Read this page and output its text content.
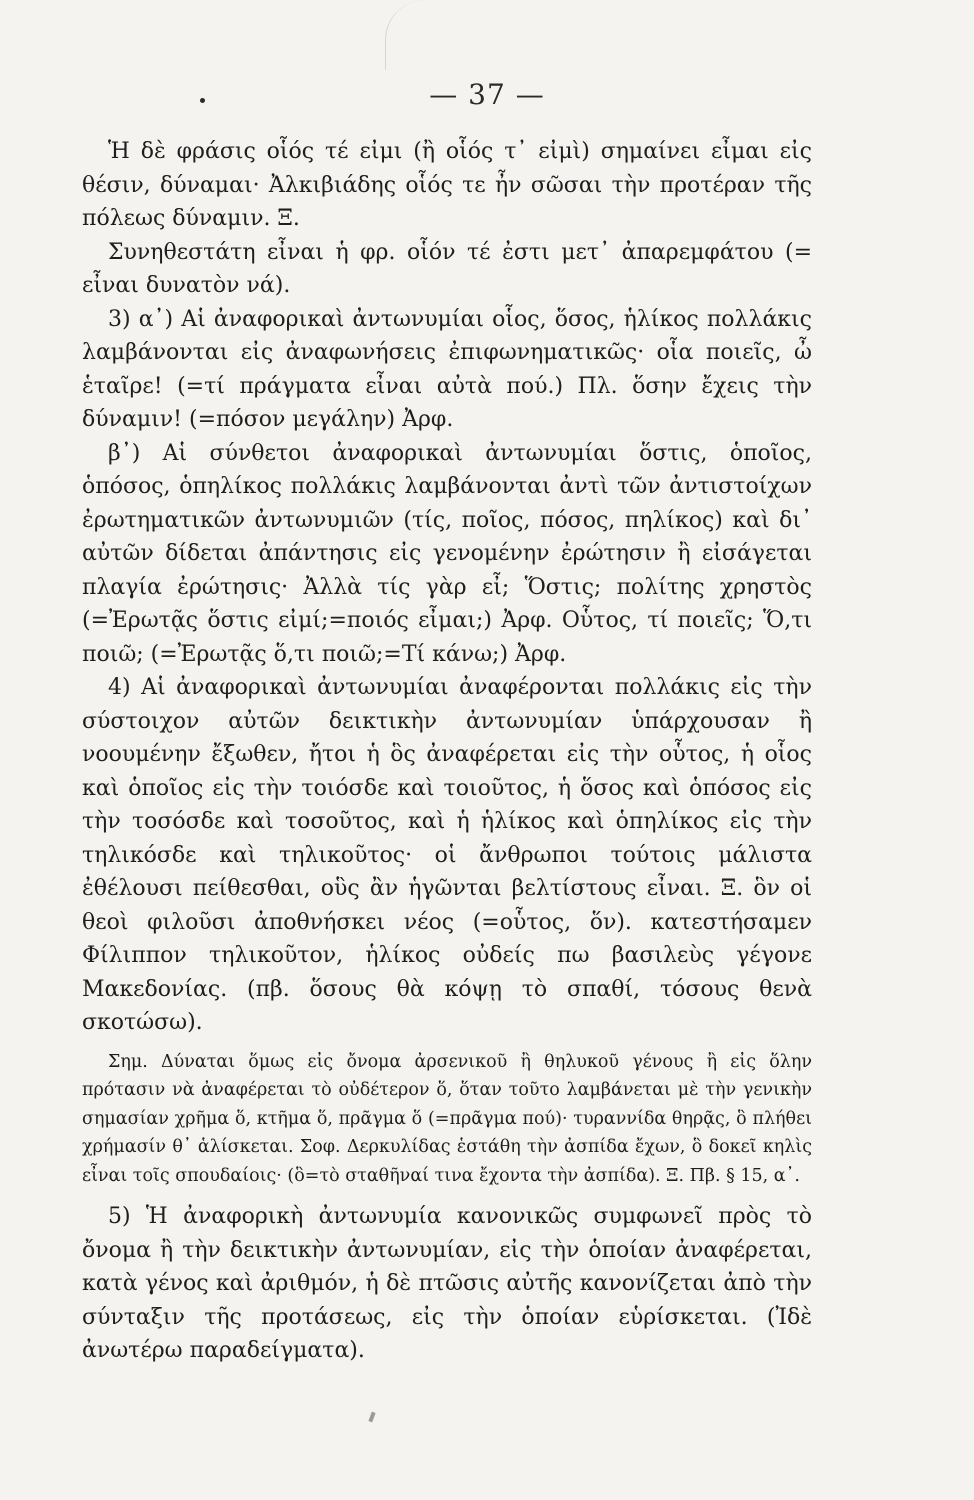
— 37 —

Ἡ δὲ φράσις οἷός τέ εἰμι (ἢ οἷός τ᾽ εἰμὶ) σημαίνει εἶμαι εἰς θέσιν, δύναμαι· Ἀλκιβιάδης οἷός τε ἦν σῶσαι τὴν προτέραν τῆς πόλεως δύναμιν. Ξ.

Συνηθεστάτη εἶναι ἡ φρ. οἷόν τέ ἐστι μετ᾽ ἀπαρεμφάτου (= εἶναι δυνατὸν νά).

3) α᾽) Αἱ ἀναφορικαὶ ἀντωνυμίαι οἷος, ὅσος, ἡλίκος πολλάκις λαμβάνονται εἰς ἀναφωνήσεις ἐπιφωνηματικῶς· οἷα ποιεῖς, ὦ ἑταῖρε! (=τί πράγματα εἶναι αὐτὰ πού.) Πλ. ὅσην ἔχεις τὴν δύναμιν! (=πόσον μεγάλην) Ἀρφ.

β᾽) Αἱ σύνθετοι ἀναφορικαὶ ἀντωνυμίαι ὅστις, ὁποῖος, ὁπόσος, ὁπηλίκος πολλάκις λαμβάνονται ἀντὶ τῶν ἀντιστοίχων ἐρωτηματικῶν ἀντωνυμιῶν (τίς, ποῖος, πόσος, πηλίκος) καὶ δι᾽ αὐτῶν δίδεται ἀπάντησις εἰς γενομένην ἐρώτησιν ἢ εἰσάγεται πλαγία ἐρώτησις· Ἀλλὰ τίς γὰρ εἶ; Ὅστις; πολίτης χρηστὸς (=Ἐρωτᾷς ὅστις εἰμί;=ποιός εἶμαι;) Ἀρφ. Οὗτος, τί ποιεῖς; Ὅ,τι ποιῶ; (=Ἐρωτᾷς ὅ,τι ποιῶ;=Τί κάνω;) Ἀρφ.

4) Αἱ ἀναφορικαὶ ἀντωνυμίαι ἀναφέρονται πολλάκις εἰς τὴν σύστοιχον αὐτῶν δεικτικὴν ἀντωνυμίαν ὑπάρχουσαν ἢ νοουμένην ἔξωθεν, ἤτοι ἡ ὃς ἀναφέρεται εἰς τὴν οὗτος, ἡ οἷος καὶ ὁποῖος εἰς τὴν τοιόσδε καὶ τοιοῦτος, ἡ ὅσος καὶ ὁπόσος εἰς τὴν τοσόσδε καὶ τοσοῦτος, καὶ ἡ ἡλίκος καὶ ὁπηλίκος εἰς τὴν τηλικόσδε καὶ τηλικοῦτος· οἱ ἄνθρωποι τούτοις μάλιστα ἐθέλουσι πείθεσθαι, οὓς ἂν ἡγῶνται βελτίστους εἶναι. Ξ. ὃν οἱ θεοὶ φιλοῦσι ἀποθνήσκει νέος (=οὗτος, ὅν). κατεστήσαμεν Φίλιππον τηλικοῦτον, ἡλίκος οὐδείς πω βασιλεὺς γέγονε Μακεδονίας. (πβ. ὅσους θὰ κόψῃ τὸ σπαθί, τόσους θενὰ σκοτώσω).

Σημ. Δύναται ὅμως εἰς ὄνομα ἀρσενικοῦ ἢ θηλυκοῦ γένους ἢ εἰς ὅλην πρότασιν νὰ ἀναφέρεται τὸ οὐδέτερον ὅ, ὅταν τοῦτο λαμβάνεται μὲ τὴν γενικὴν σημασίαν χρῆμα ὅ, κτῆμα ὅ, πρᾶγμα ὅ (=πρᾶγμα πού)· τυραννίδα θηρᾷς, ὃ πλήθει χρήμασίν θ᾽ ἁλίσκεται. Σοφ. Δερκυλίδας ἑστάθη τὴν ἀσπίδα ἔχων, ὃ δοκεῖ κηλὶς εἶναι τοῖς σπουδαίοις· (ὃ=τὸ σταθῆναί τινα ἔχοντα τὴν ἀσπίδα). Ξ. Πβ. § 15, α᾽.

5) Ἡ ἀναφορικὴ ἀντωνυμία κανονικῶς συμφωνεῖ πρὸς τὸ ὄνομα ἢ τὴν δεικτικὴν ἀντωνυμίαν, εἰς τὴν ὁποίαν ἀναφέρεται, κατὰ γένος καὶ ἀριθμόν, ἡ δὲ πτῶσις αὐτῆς κανονίζεται ἀπὸ τὴν σύνταξιν τῆς προτάσεως, εἰς τὴν ὁποίαν εὑρίσκεται. (Ἰδὲ ἀνωτέρω παραδείγματα).
